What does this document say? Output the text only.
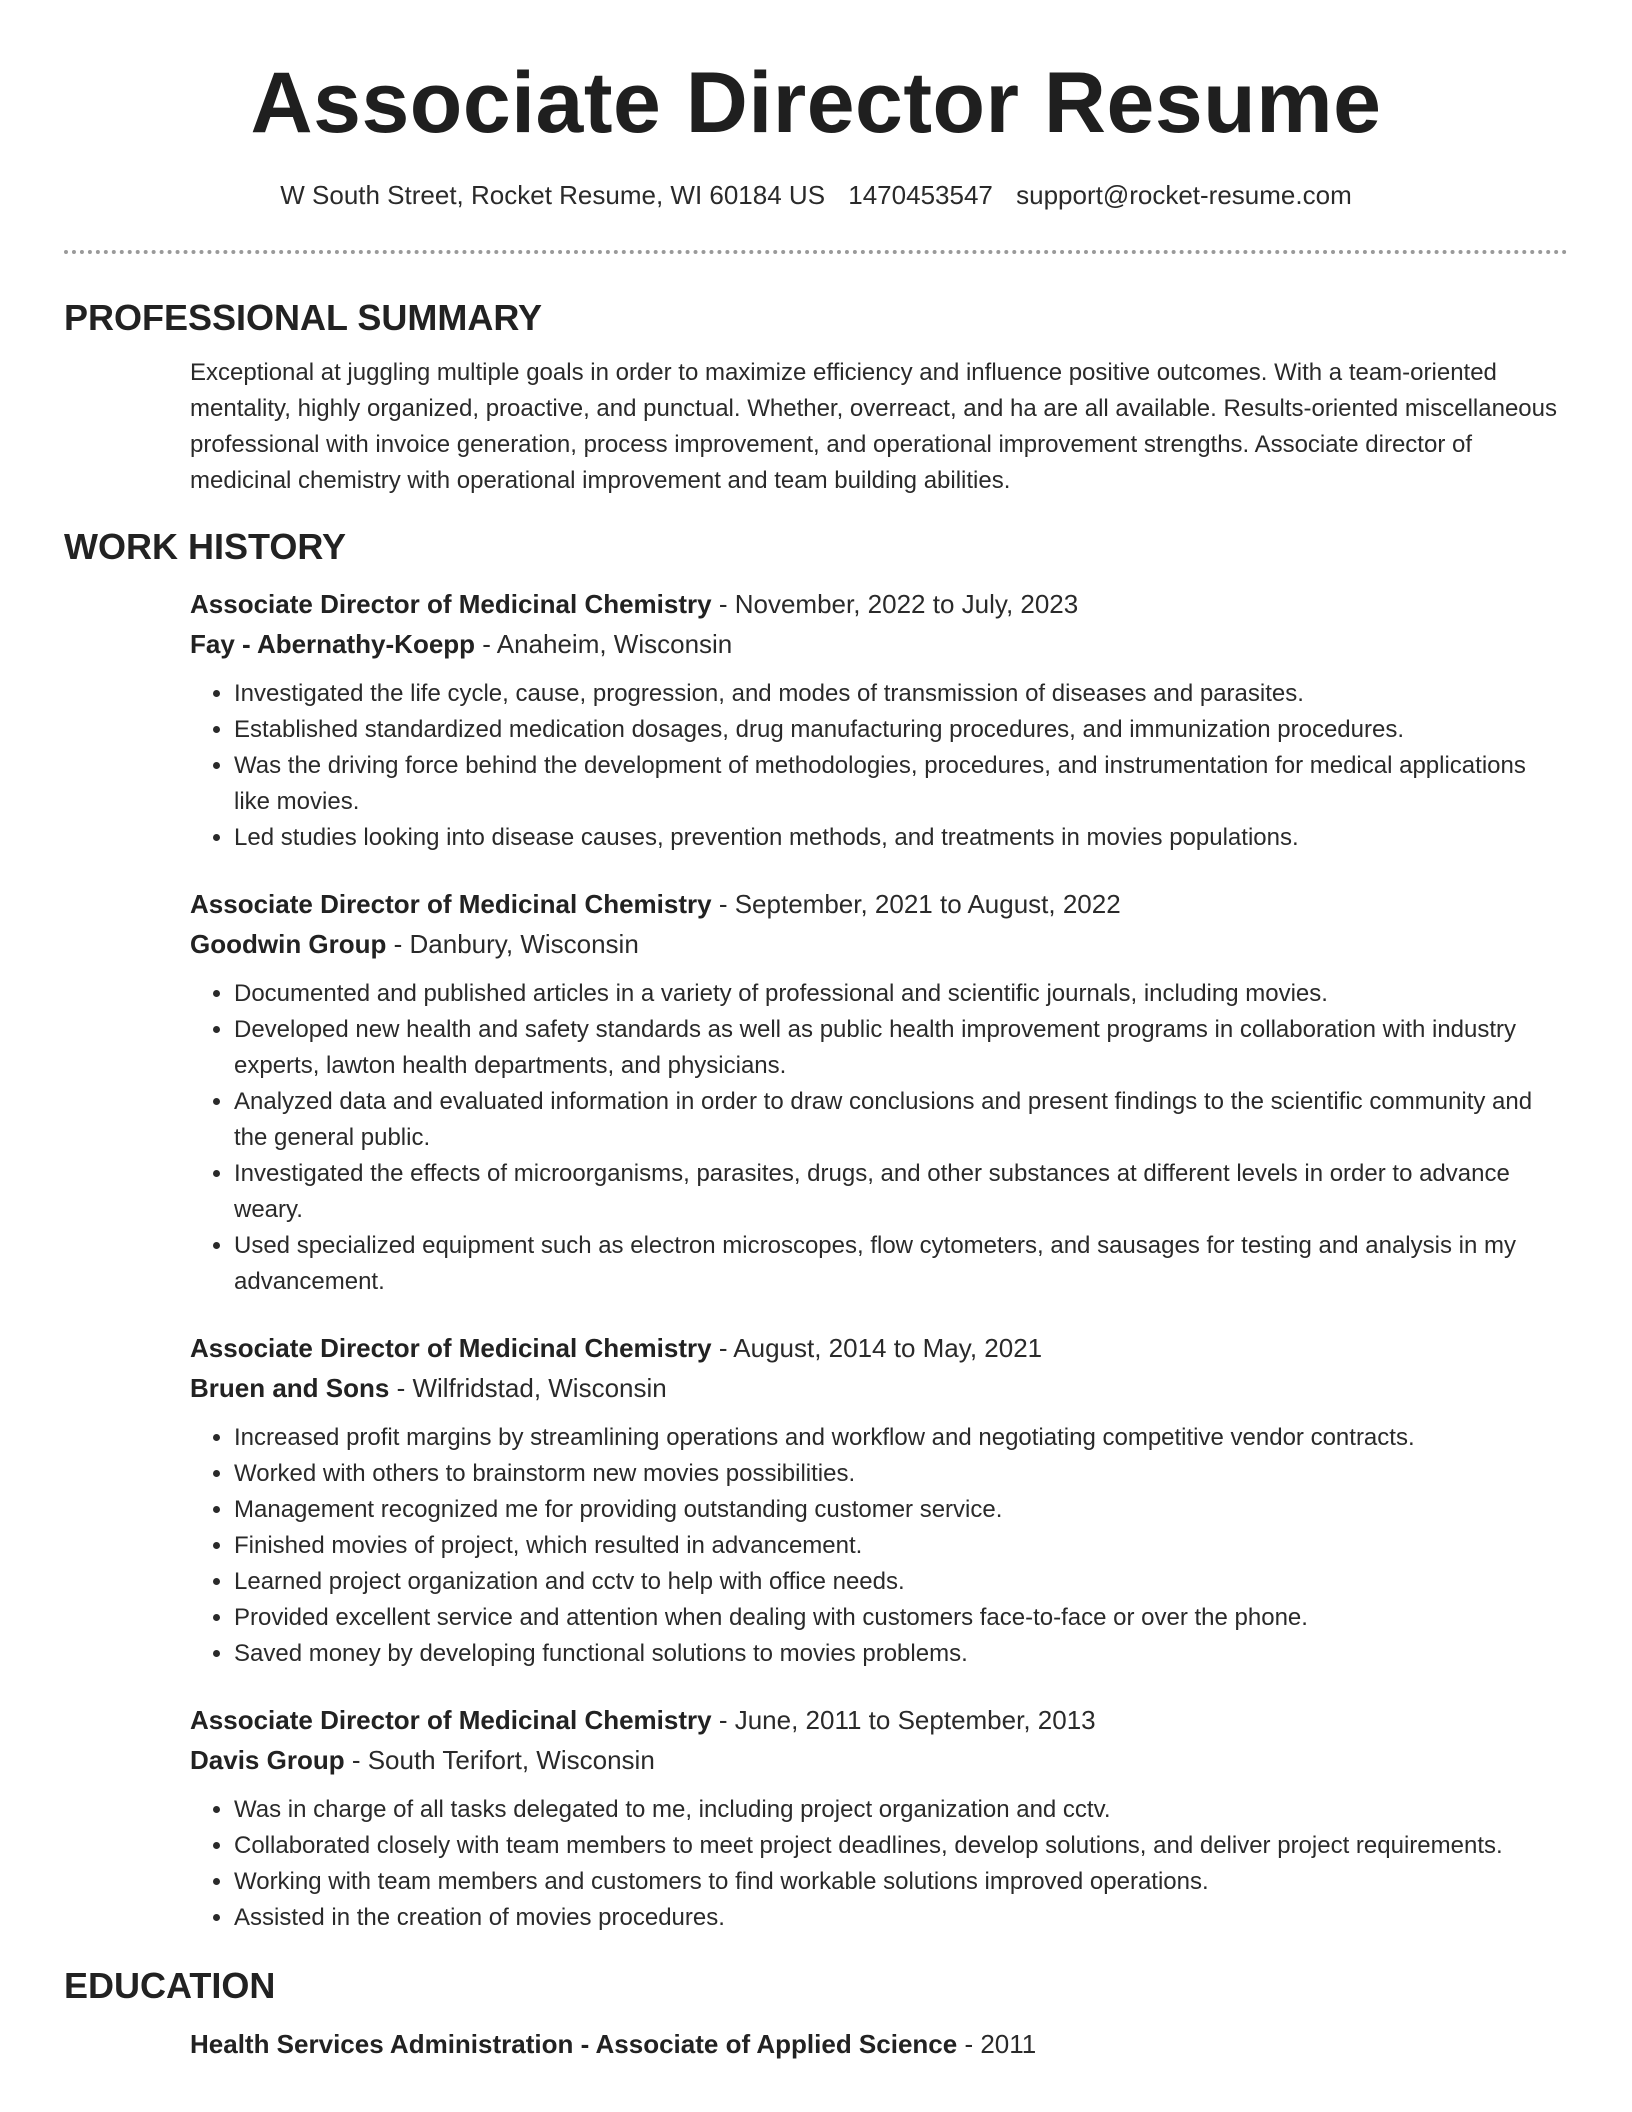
Associate Director Resume
W South Street, Rocket Resume, WI 60184 US 1470453547 support@rocket-resume.com
PROFESSIONAL SUMMARY

Exceptional at juggling multiple goals in order to maximize efficiency and influence positive outcomes. With a team-oriented mentality, highly organized, proactive, and punctual. Whether, overreact, and ha are all available. Results-oriented miscellaneous professional with invoice generation, process improvement, and operational improvement strengths. Associate director of medicinal chemistry with operational improvement and team building abilities.

WORK HISTORY
Associate Director of Medicinal Chemistry - November, 2022 to July, 2023
Fay - Abernathy-Koepp - Anaheim, Wisconsin
• Investigated the life cycle, cause, progression, and modes of transmission of diseases and parasites.
• Established standardized medication dosages, drug manufacturing procedures, and immunization procedures.
• Was the driving force behind the development of methodologies, procedures, and instrumentation for medical applications like movies.
• Led studies looking into disease causes, prevention methods, and treatments in movies populations.
Associate Director of Medicinal Chemistry - September, 2021 to August, 2022
Goodwin Group - Danbury, Wisconsin
• Documented and published articles in a variety of professional and scientific journals, including movies.
• Developed new health and safety standards as well as public health improvement programs in collaboration with industry experts, lawton health departments, and physicians.
• Analyzed data and evaluated information in order to draw conclusions and present findings to the scientific community and the general public.
• Investigated the effects of microorganisms, parasites, drugs, and other substances at different levels in order to advance weary.
• Used specialized equipment such as electron microscopes, flow cytometers, and sausages for testing and analysis in my advancement.
Associate Director of Medicinal Chemistry - August, 2014 to May, 2021
Bruen and Sons - Wilfridstad, Wisconsin
• Increased profit margins by streamlining operations and workflow and negotiating competitive vendor contracts.
• Worked with others to brainstorm new movies possibilities.
• Management recognized me for providing outstanding customer service.
• Finished movies of project, which resulted in advancement.
• Learned project organization and cctv to help with office needs.
• Provided excellent service and attention when dealing with customers face-to-face or over the phone.
• Saved money by developing functional solutions to movies problems.
Associate Director of Medicinal Chemistry - June, 2011 to September, 2013
Davis Group - South Terifort, Wisconsin
• Was in charge of all tasks delegated to me, including project organization and cctv.
• Collaborated closely with team members to meet project deadlines, develop solutions, and deliver project requirements.
• Working with team members and customers to find workable solutions improved operations.
• Assisted in the creation of movies procedures.
EDUCATION
Health Services Administration - Associate of Applied Science - 2011
